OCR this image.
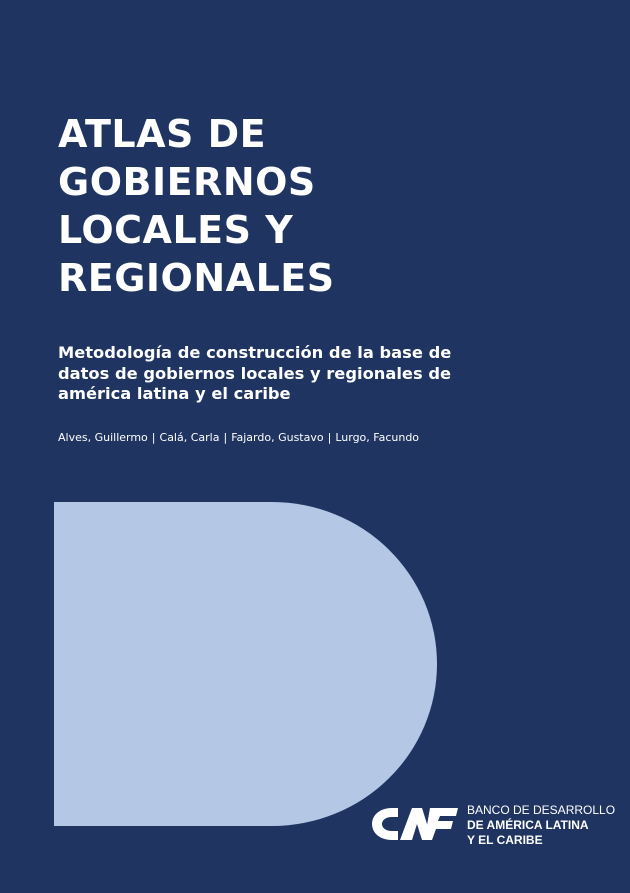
ATLAS DE
GOBIERNOS
LOCALES Y
REGIONALES
Metodología de construcción de la base de
datos de gobiernos locales y regionales de
américa latina y el caribe
Alves, Guillermo | Calá, Carla | Fajardo, Gustavo | Lurgo, Facundo
BANCO DE DESARROLLO
DE AMÉRICA LATINA
Y EL CARIBE
